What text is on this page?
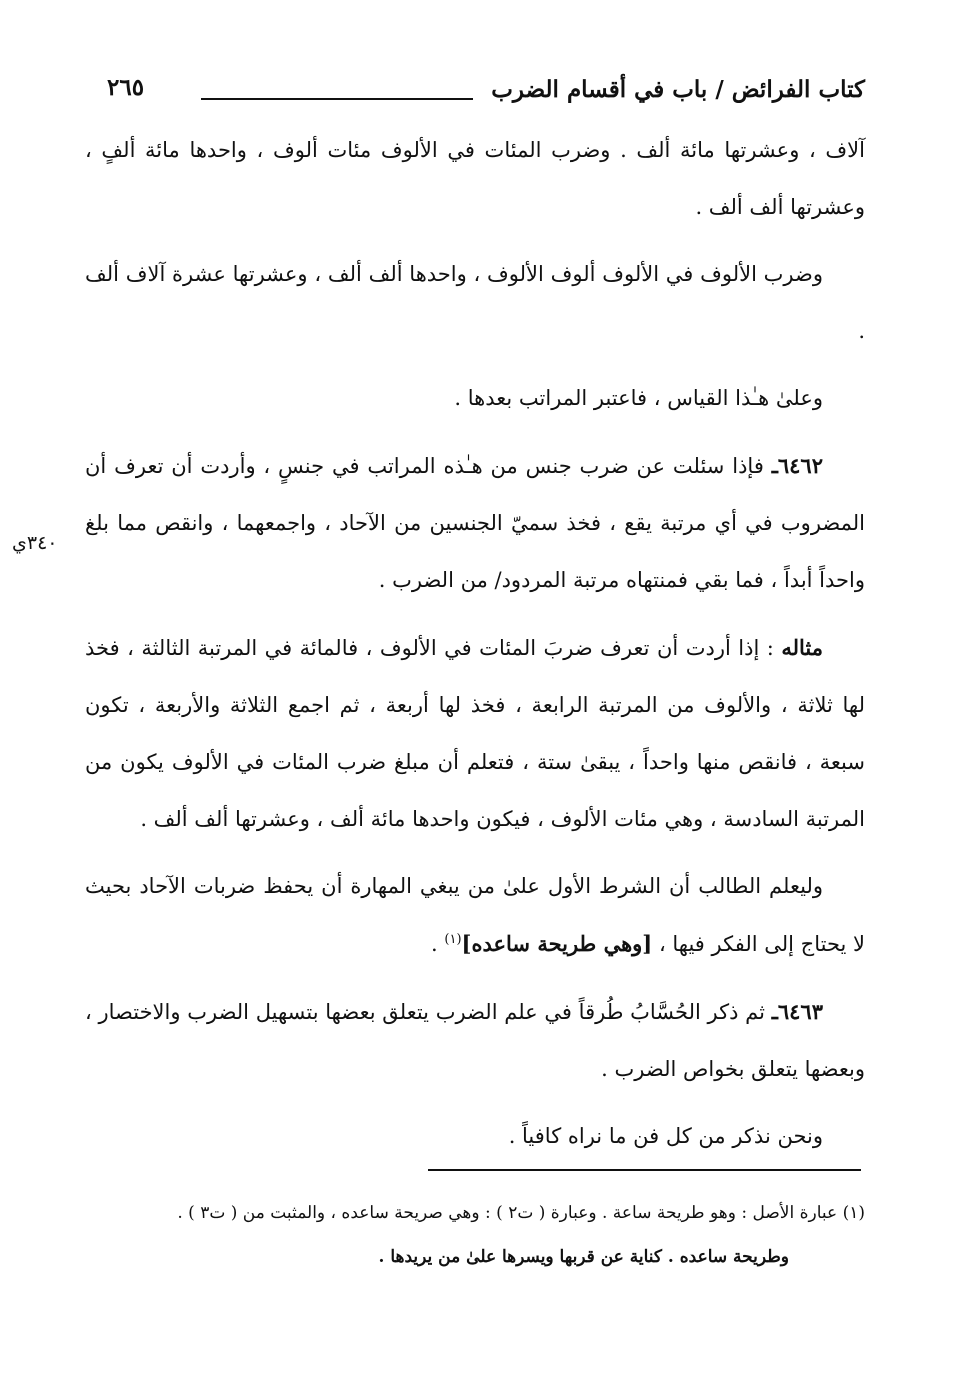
كتاب الفرائض / باب في أقسام الضرب
٢٦٥
٣٤٠ي

آلاف ، وعشرتها مائة ألف . وضرب المئات في الألوف مئات ألوف ، واحدها مائة ألفٍ ، وعشرتها ألف ألف .

وضرب الألوف في الألوف ألوف الألوف ، واحدها ألف ألف ، وعشرتها عشرة آلاف ألف .

وعلىٰ هـٰذا القياس ، فاعتبر المراتب بعدها .

٦٤٦٢ـ فإذا سئلت عن ضرب جنس من هـٰذه المراتب في جنسٍ ، وأردت أن تعرف أن المضروب في أي مرتبة يقع ، فخذ سميّ الجنسين من الآحاد ، واجمعهما ، وانقص مما بلغ واحداً أبداً ، فما بقي فمنتهاه مرتبة المردود/ من الضرب .

مثاله : إذا أردت أن تعرف ضربَ المئات في الألوف ، فالمائة في المرتبة الثالثة ، فخذ لها ثلاثة ، والألوف من المرتبة الرابعة ، فخذ لها أربعة ، ثم اجمع الثلاثة والأربعة ، تكون سبعة ، فانقص منها واحداً ، يبقىٰ ستة ، فتعلم أن مبلغ ضرب المئات في الألوف يكون من المرتبة السادسة ، وهي مئات الألوف ، فيكون واحدها مائة ألف ، وعشرتها ألف ألف .

وليعلم الطالب أن الشرط الأول علىٰ من يبغي المهارة أن يحفظ ضربات الآحاد بحيث لا يحتاج إلى الفكر فيها ، [وهي طريحة ساعده]$^{(١)}$ .

٦٤٦٣ـ ثم ذكر الحُسَّابُ طُرقاً في علم الضرب يتعلق بعضها بتسهيل الضرب والاختصار ، وبعضها يتعلق بخواص الضرب .

ونحن نذكر من كل فن ما نراه كافياً .

(١) عبارة الأصل : وهو طريحة ساعة . وعبارة ( ت٢ ) : وهي صريحة ساعده ، والمثبت من ( ت٣ ) .

وطريحة ساعده . كناية عن قربها ويسرها علىٰ من يريدها .
